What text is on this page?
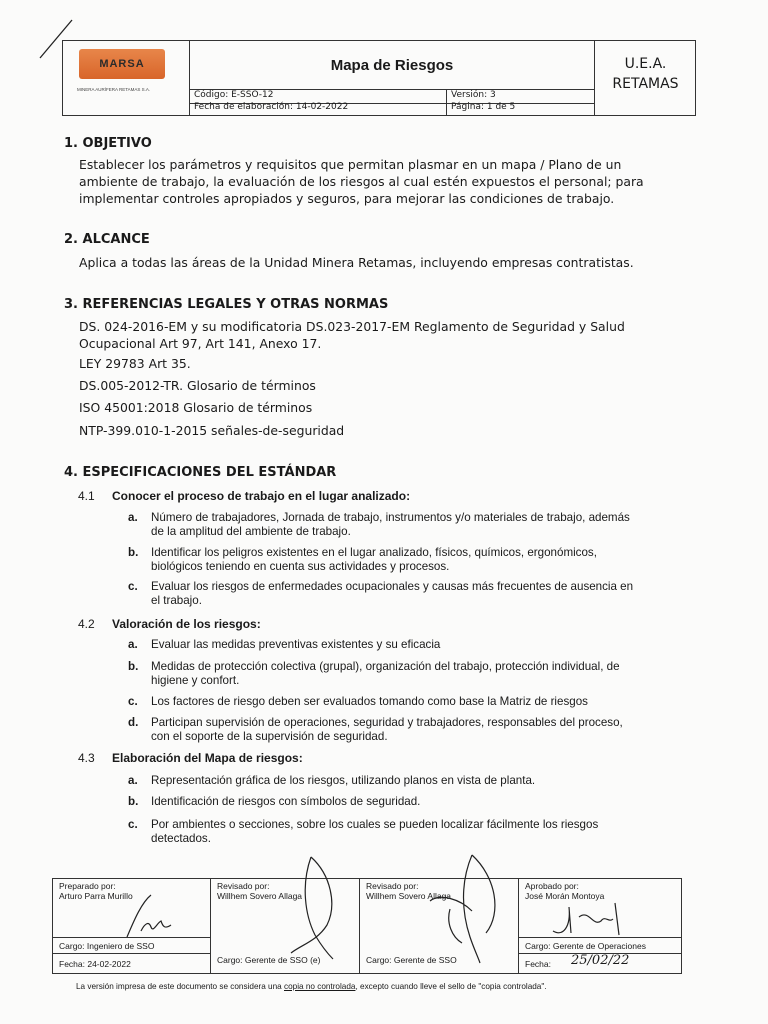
MARSA
MINERA AURÍFERA RETAMAS S.A.
Mapa de Riesgos
Código: E-SSO-12	Versión: 3
Fecha de elaboración: 14-02-2022	Página: 1 de 5
U.E.A.
RETAMAS
1. OBJETIVO
Establecer los parámetros y requisitos que permitan plasmar en un mapa / Plano de un
ambiente de trabajo, la evaluación de los riesgos al cual estén expuestos el personal; para
implementar controles apropiados y seguros, para mejorar las condiciones de trabajo.
2. ALCANCE
Aplica a todas las áreas de la Unidad Minera Retamas, incluyendo empresas contratistas.
3. REFERENCIAS LEGALES Y OTRAS NORMAS
DS. 024-2016-EM y su modificatoria DS.023-2017-EM Reglamento de Seguridad y Salud
Ocupacional Art 97, Art 141, Anexo 17.
LEY 29783 Art 35.
DS.005-2012-TR. Glosario de términos
ISO 45001:2018 Glosario de términos
NTP-399.010-1-2015 señales-de-seguridad
4. ESPECIFICACIONES DEL ESTÁNDAR
4.1 Conocer el proceso de trabajo en el lugar analizado:
a. Número de trabajadores, Jornada de trabajo, instrumentos y/o materiales de trabajo, además
de la amplitud del ambiente de trabajo.
b. Identificar los peligros existentes en el lugar analizado, físicos, químicos, ergonómicos,
biológicos teniendo en cuenta sus actividades y procesos.
c. Evaluar los riesgos de enfermedades ocupacionales y causas más frecuentes de ausencia en
el trabajo.
4.2 Valoración de los riesgos:
a. Evaluar las medidas preventivas existentes y su eficacia
b. Medidas de protección colectiva (grupal), organización del trabajo, protección individual, de
higiene y confort.
c. Los factores de riesgo deben ser evaluados tomando como base la Matriz de riesgos
d. Participan supervisión de operaciones, seguridad y trabajadores, responsables del proceso,
con el soporte de la supervisión de seguridad.
4.3 Elaboración del Mapa de riesgos:
a. Representación gráfica de los riesgos, utilizando planos en vista de planta.
b. Identificación de riesgos con símbolos de seguridad.
c. Por ambientes o secciones, sobre los cuales se pueden localizar fácilmente los riesgos
detectados.
Preparado por:
Arturo Parra Murillo
Cargo: Ingeniero de SSO
Fecha: 24-02-2022
Revisado por:
Willhem Sovero Allaga
Cargo: Gerente de SSO (e)
Revisado por:
Willhem Sovero Allaga
Cargo: Gerente de SSO
Aprobado por:
José Morán Montoya
Cargo: Gerente de Operaciones
Fecha: 25/02/22
La versión impresa de este documento se considera una copia no controlada, excepto cuando lleve el sello de "copia controlada".
